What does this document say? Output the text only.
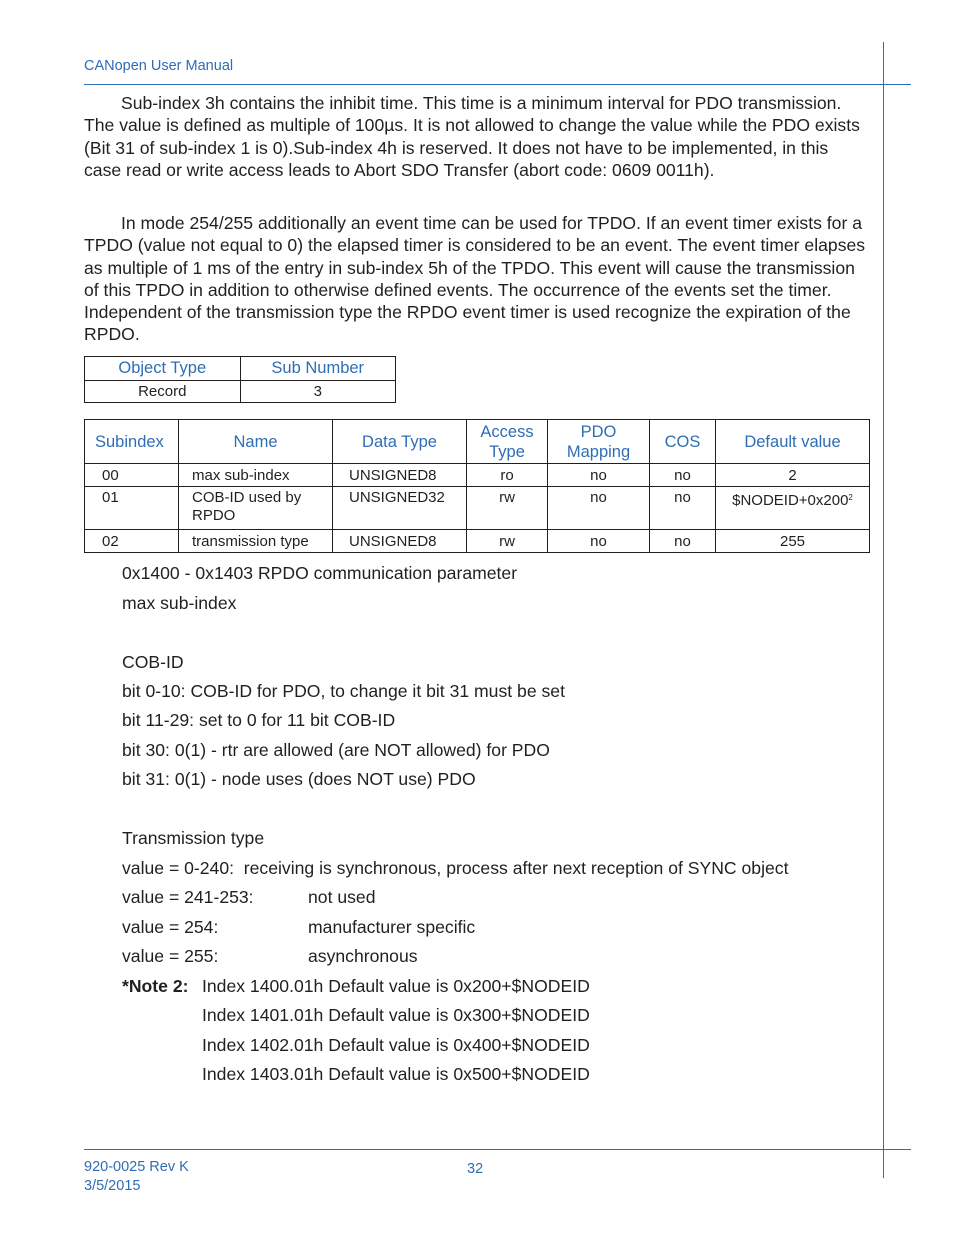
CANopen User Manual

Sub-index 3h contains the inhibit time. This time is a minimum interval for PDO transmission. The value is defined as multiple of 100µs. It is not allowed to change the value while the PDO exists (Bit 31 of sub-index 1 is 0).Sub-index 4h is reserved. It does not have to be implemented, in this case read or write access leads to Abort SDO Transfer (abort code: 0609 0011h).

In mode 254/255 additionally an event time can be used for TPDO. If an event timer exists for a TPDO (value not equal to 0) the elapsed timer is considered to be an event. The event timer elapses as multiple of 1 ms of the entry in sub-index 5h of the TPDO. This event will cause the transmission of this TPDO in addition to otherwise defined events. The occurrence of the events set the timer. Independent of the transmission type the RPDO event timer is used recognize the expiration of the RPDO.

Object Type	Sub Number
Record	3
Subindex	Name	Data Type	Access Type	PDO Mapping	COS	Default value
00	max sub-index	UNSIGNED8	ro	no	no	2
01	COB-ID used by RPDO	UNSIGNED32	rw	no	no	$\$NODEID+0x200^2$
02	transmission type	UNSIGNED8	rw	no	no	255
0x1400 - 0x1403 RPDO communication parameter
max sub-index
COB-ID
bit 0-10: COB-ID for PDO, to change it bit 31 must be set
bit 11-29: set to 0 for 11 bit COB-ID
bit 30: 0(1) - rtr are allowed (are NOT allowed) for PDO
bit 31: 0(1) - node uses (does NOT use) PDO
Transmission type
value = 0-240: receiving is synchronous, process after next reception of SYNC object
value = 241-253:	not used
value = 254:	manufacturer specific
value = 255:	asynchronous
*Note 2: Index 1400.01h Default value is 0x200+$NODEID
Index 1401.01h Default value is 0x300+$NODEID
Index 1402.01h Default value is 0x400+$NODEID
Index 1403.01h Default value is 0x500+$NODEID
920-0025 Rev K
3/5/2015
32
